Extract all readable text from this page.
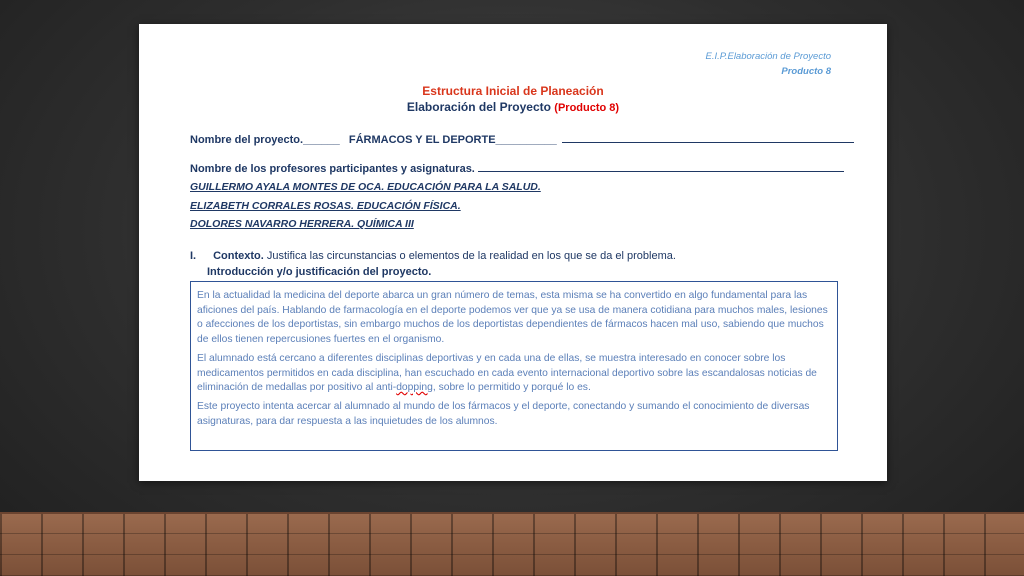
E.I.P.Elaboración de Proyecto
Producto 8
Estructura Inicial de Planeación
Elaboración del Proyecto (Producto 8)
Nombre del proyecto.______ FÁRMACOS Y EL DEPORTE__________
Nombre de los profesores participantes y asignaturas.
GUILLERMO AYALA MONTES DE OCA. EDUCACIÓN PARA LA SALUD.
ELIZABETH CORRALES ROSAS. EDUCACIÓN FÍSICA.
DOLORES NAVARRO HERRERA. QUÍMICA III
I. Contexto. Justifica las circunstancias o elementos de la realidad en los que se da el problema.
Introducción y/o justificación del proyecto.

En la actualidad la medicina del deporte abarca un gran número de temas, esta misma se ha convertido en algo fundamental para las aficiones del país. Hablando de farmacología en el deporte podemos ver que ya se usa de manera cotidiana para muchos males, lesiones o afecciones de los deportistas, sin embargo muchos de los deportistas dependientes de fármacos hacen mal uso, sabiendo que muchos de ellos tienen repercusiones fuertes en el organismo.

El alumnado está cercano a diferentes disciplinas deportivas y en cada una de ellas, se muestra interesado en conocer sobre los medicamentos permitidos en cada disciplina, han escuchado en cada evento internacional deportivo sobre las escandalosas noticias de eliminación de medallas por positivo al anti-dopping, sobre lo permitido y porqué lo es.

Este proyecto intenta acercar al alumnado al mundo de los fármacos y el deporte, conectando y sumando el conocimiento de diversas asignaturas, para dar respuesta a las inquietudes de los alumnos.
